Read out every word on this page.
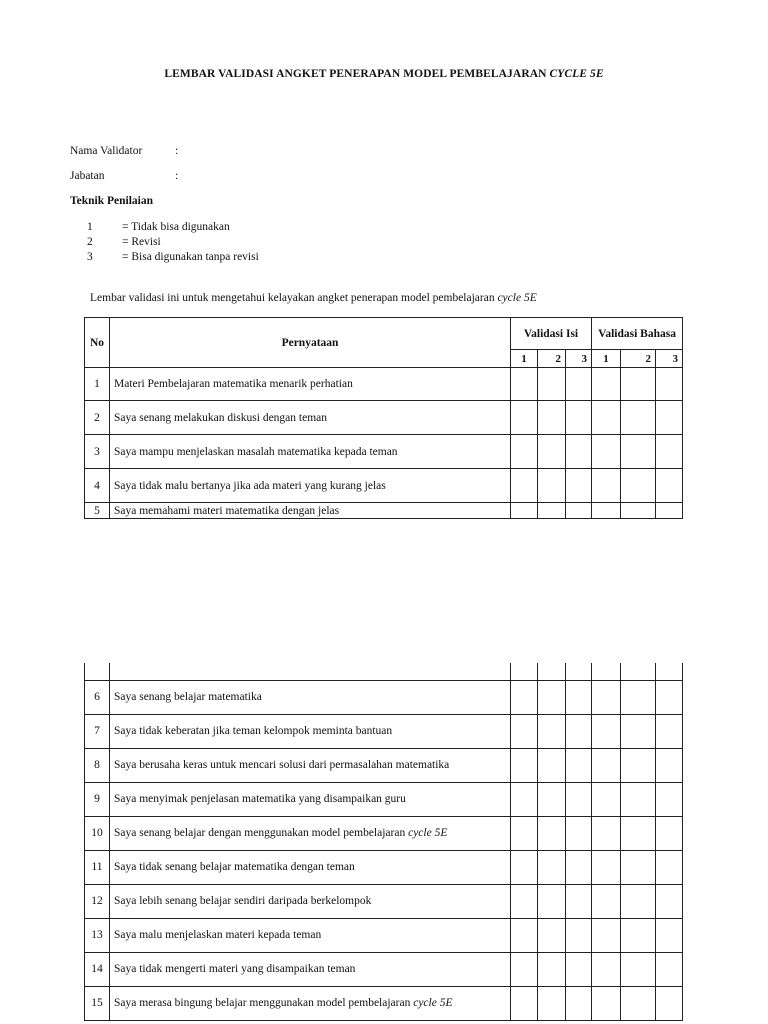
LEMBAR VALIDASI ANGKET PENERAPAN MODEL PEMBELAJARAN CYCLE 5E
Nama Validator	:
Jabatan	:
Teknik Penilaian
1	= Tidak bisa digunakan
2	= Revisi
3	= Bisa digunakan tanpa revisi
Lembar validasi ini untuk mengetahui kelayakan angket penerapan model pembelajaran cycle 5E
No	Pernyataan	Validasi Isi			Validasi Bahasa		
		1	2	3	1	2	3
1	Materi Pembelajaran matematika menarik perhatian						
2	Saya senang melakukan diskusi dengan teman						
3	Saya mampu menjelaskan masalah matematika kepada teman						
4	Saya tidak malu bertanya jika ada materi yang kurang jelas						
5	Saya memahami materi matematika dengan jelas						

6	Saya senang belajar matematika						
7	Saya tidak keberatan jika teman kelompok meminta bantuan						
8	Saya berusaha keras untuk mencari solusi dari permasalahan matematika						
9	Saya menyimak penjelasan matematika yang disampaikan guru						
10	Saya senang belajar dengan menggunakan model pembelajaran cycle 5E						
11	Saya tidak senang belajar matematika dengan teman						
12	Saya lebih senang belajar sendiri daripada berkelompok						
13	Saya malu menjelaskan materi kepada teman						
14	Saya tidak mengerti materi yang disampaikan teman						
15	Saya merasa bingung belajar menggunakan model pembelajaran cycle 5E						
